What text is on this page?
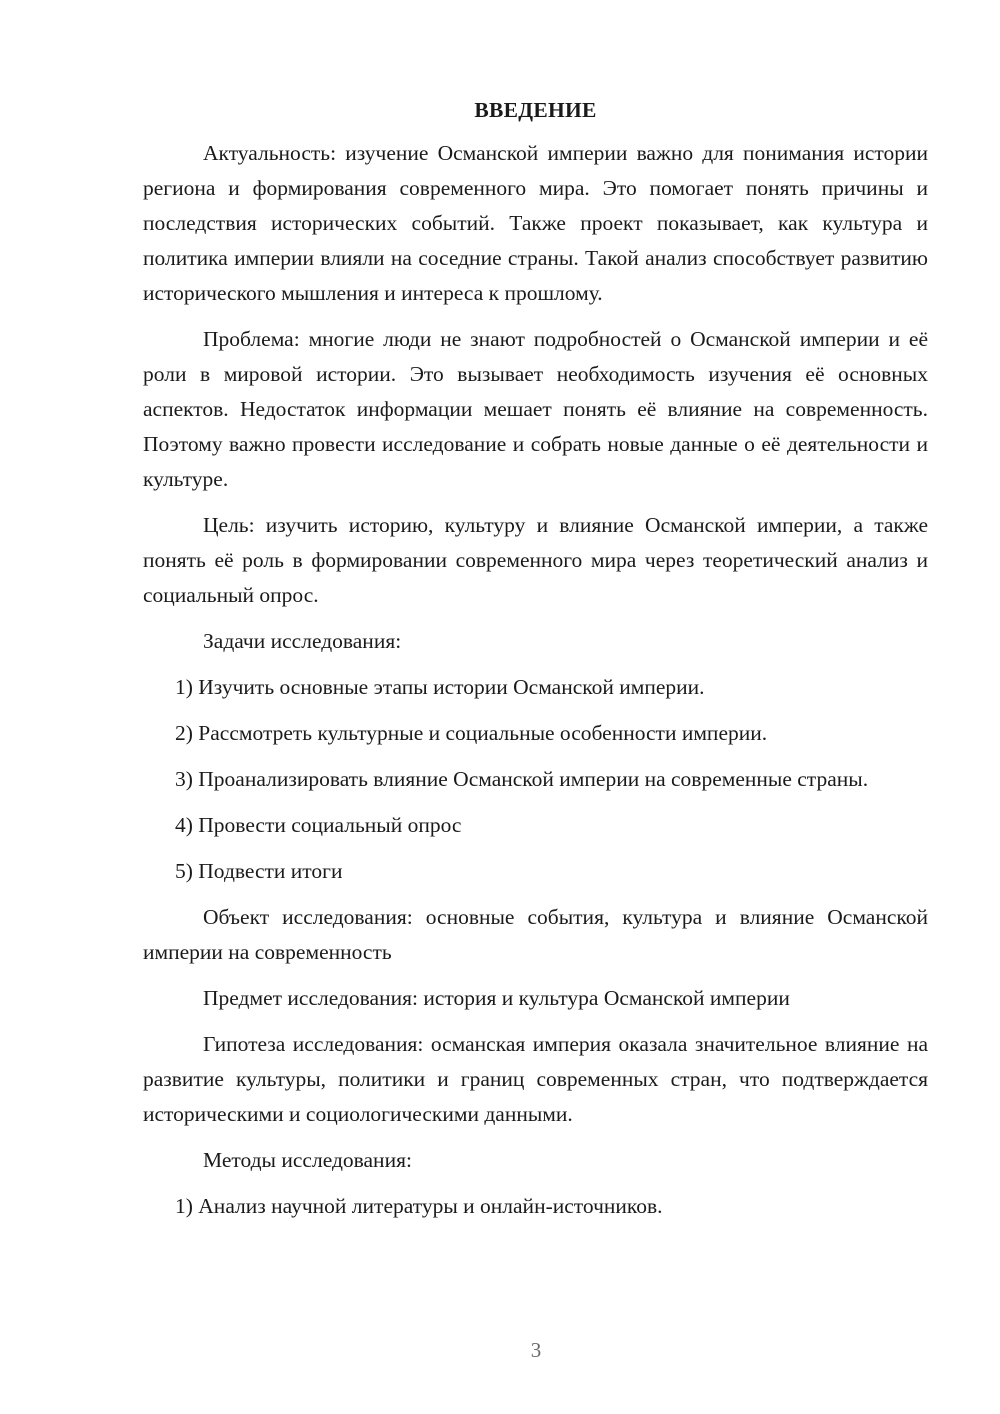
ВВЕДЕНИЕ

Актуальность: изучение Османской империи важно для понимания истории региона и формирования современного мира. Это помогает понять причины и последствия исторических событий. Также проект показывает, как культура и политика империи влияли на соседние страны. Такой анализ способствует развитию исторического мышления и интереса к прошлому.

Проблема: многие люди не знают подробностей о Османской империи и её роли в мировой истории. Это вызывает необходимость изучения её основных аспектов. Недостаток информации мешает понять её влияние на современность. Поэтому важно провести исследование и собрать новые данные о её деятельности и культуре.

Цель: изучить историю, культуру и влияние Османской империи, а также понять её роль в формировании современного мира через теоретический анализ и социальный опрос.

Задачи исследования:

1) Изучить основные этапы истории Османской империи.

2) Рассмотреть культурные и социальные особенности империи.

3) Проанализировать влияние Османской империи на современные страны.

4) Провести социальный опрос

5) Подвести итоги

Объект исследования: основные события, культура и влияние Османской империи на современность

Предмет исследования: история и культура Османской империи

Гипотеза исследования: османская империя оказала значительное влияние на развитие культуры, политики и границ современных стран, что подтверждается историческими и социологическими данными.

Методы исследования:

1) Анализ научной литературы и онлайн-источников.

3
